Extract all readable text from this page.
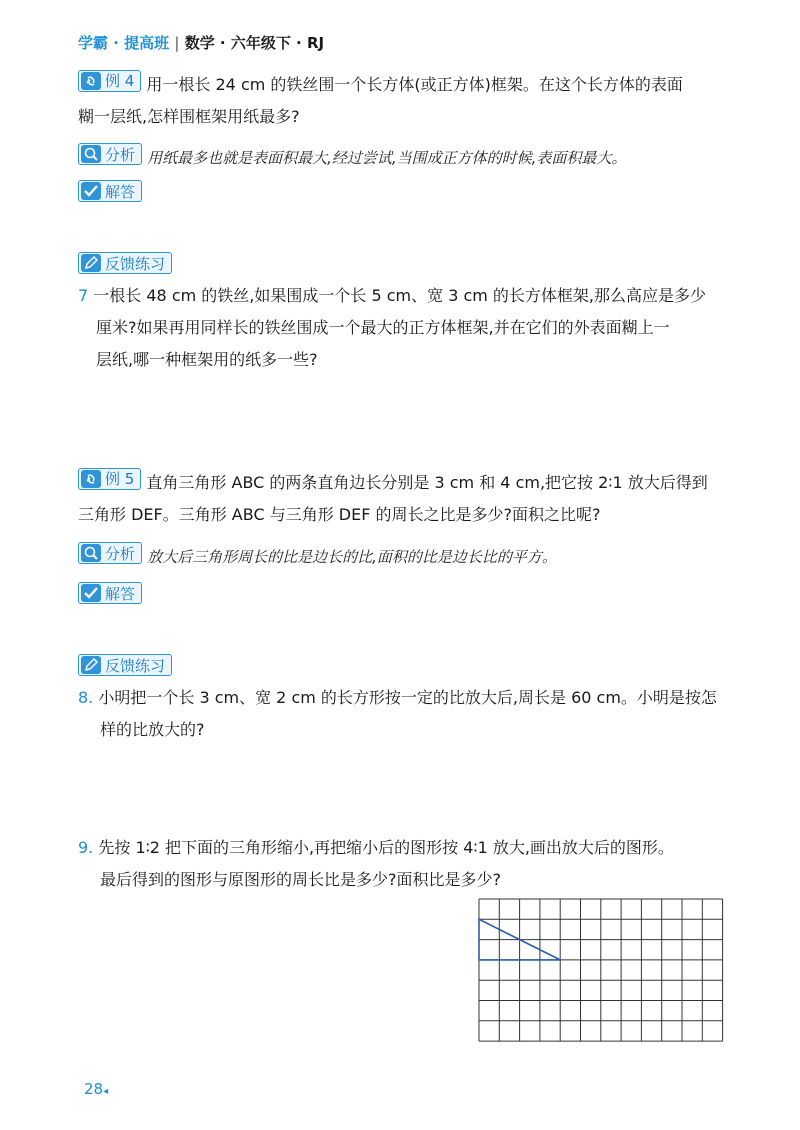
学霸 · 提高班 | 数学 · 六年级下 · RJ
例 4 用一根长 24 cm 的铁丝围一个长方体(或正方体)框架。在这个长方体的表面
糊一层纸,怎样围框架用纸最多?
分析 用纸最多也就是表面积最大,经过尝试,当围成正方体的时候,表面积最大。
解答
反馈练习
7 一根长 48 cm 的铁丝,如果围成一个长 5 cm、宽 3 cm 的长方体框架,那么高应是多少
厘米?如果再用同样长的铁丝围成一个最大的正方体框架,并在它们的外表面糊上一
层纸,哪一种框架用的纸多一些?
例 5 直角三角形 ABC 的两条直角边长分别是 3 cm 和 4 cm,把它按 2∶1 放大后得到
三角形 DEF。三角形 ABC 与三角形 DEF 的周长之比是多少?面积之比呢?
分析 放大后三角形周长的比是边长的比,面积的比是边长比的平方。
解答
反馈练习
8. 小明把一个长 3 cm、宽 2 cm 的长方形按一定的比放大后,周长是 60 cm。小明是按怎
样的比放大的?
9. 先按 1∶2 把下面的三角形缩小,再把缩小后的图形按 4∶1 放大,画出放大后的图形。
最后得到的图形与原图形的周长比是多少?面积比是多少?
28◂
